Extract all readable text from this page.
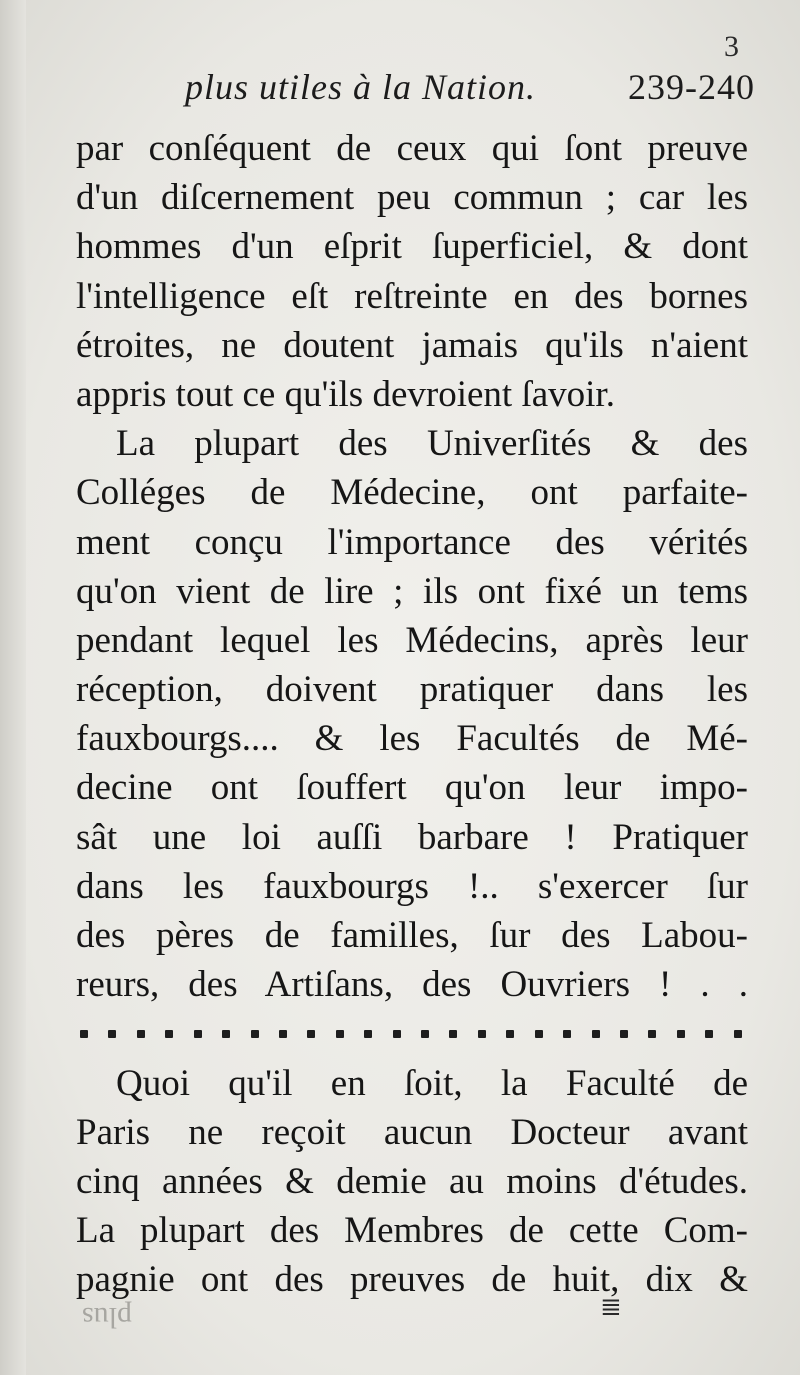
plus utiles à la Nation.	239-240
3
par conſéquent de ceux qui ſont preuve
d'un diſcernement peu commun ; car les
hommes d'un eſprit ſuperficiel, & dont
l'intelligence eſt reſtreinte en des bornes
étroites, ne doutent jamais qu'ils n'aient
appris tout ce qu'ils devroient ſavoir.
La plupart des Univerſités & des
Colléges de Médecine, ont parfaite-
ment conçu l'importance des vérités
qu'on vient de lire ; ils ont fixé un tems
pendant lequel les Médecins, après leur
réception, doivent pratiquer dans les
fauxbourgs.... & les Facultés de Mé-
decine ont ſouffert qu'on leur impo-
sât une loi auſſi barbare ! Pratiquer
dans les fauxbourgs !.. s'exercer ſur
des pères de familles, ſur des Labou-
reurs, des Artiſans, des Ouvriers ! . .
Quoi qu'il en ſoit, la Faculté de
Paris ne reçoit aucun Docteur avant
cinq années & demie au moins d'études.
La plupart des Membres de cette Com-
pagnie ont des preuves de huit, dix &
≣
plus
